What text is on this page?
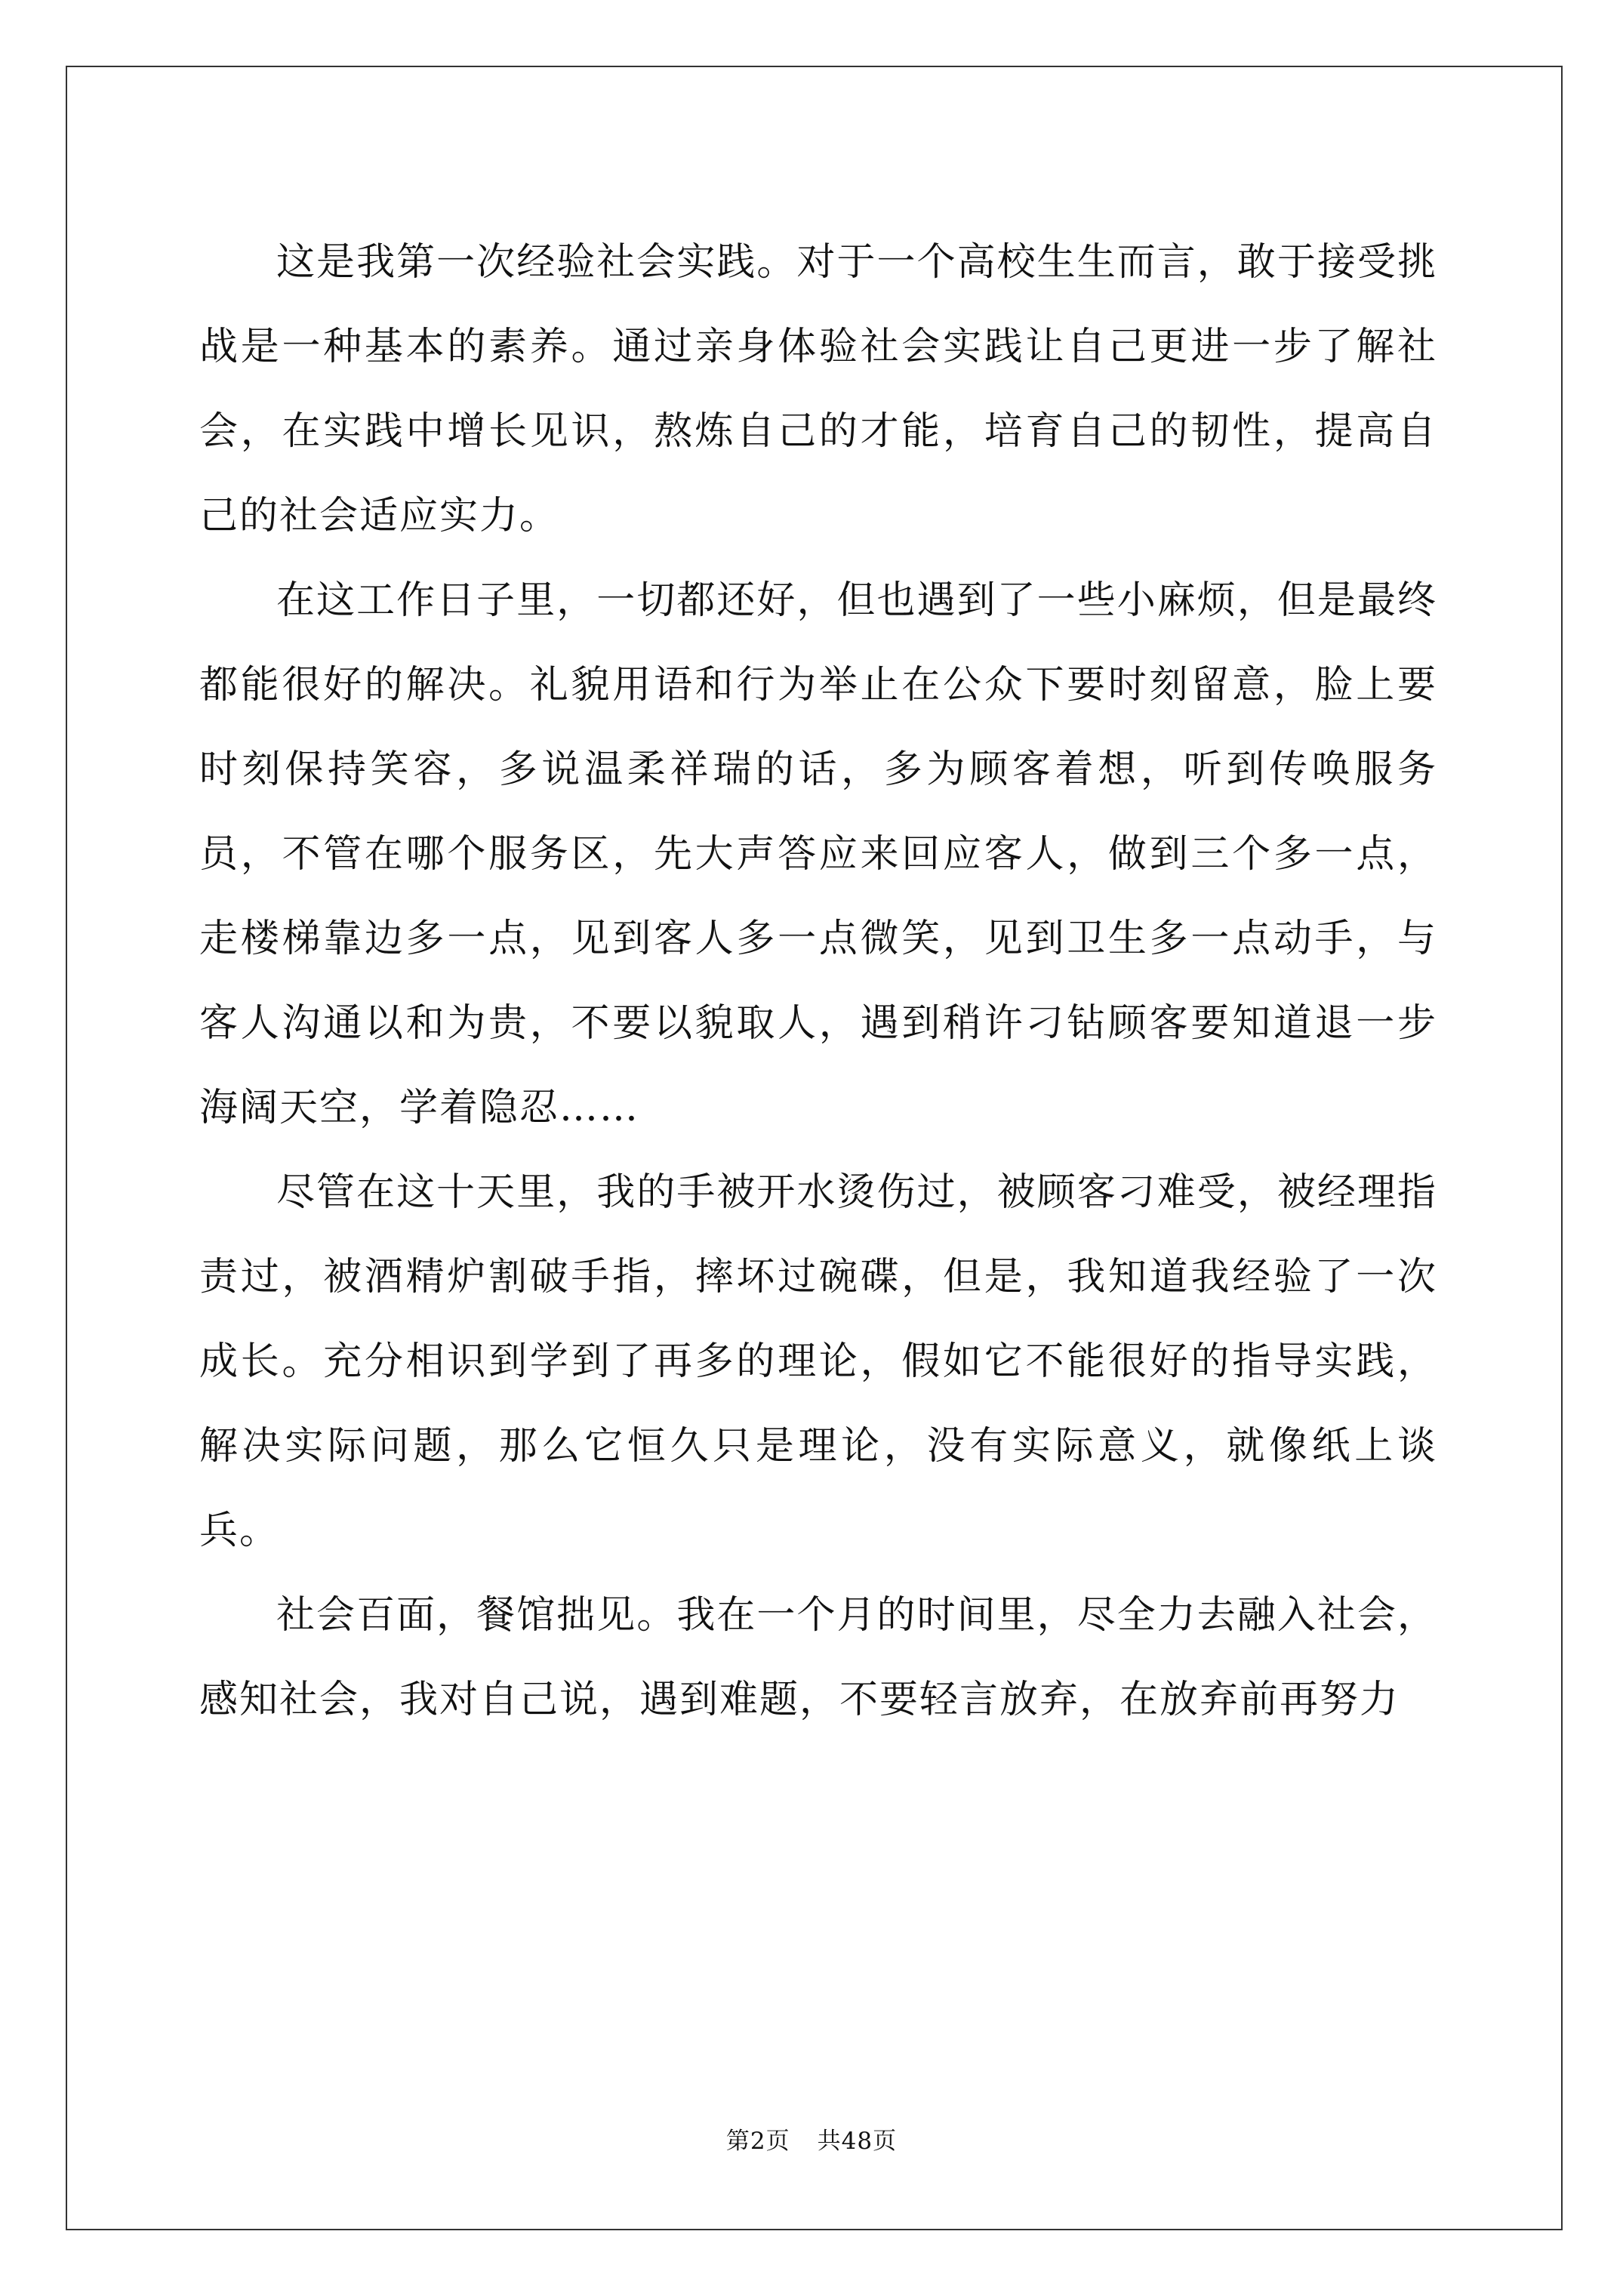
这是我第一次经验社会实践。对于一个高校生生而言，敢于接受挑战是一种基本的素养。通过亲身体验社会实践让自己更进一步了解社会，在实践中增长见识，熬炼自己的才能，培育自己的韧性，提高自己的社会适应实力。

在这工作日子里，一切都还好，但也遇到了一些小麻烦，但是最终都能很好的解决。礼貌用语和行为举止在公众下要时刻留意，脸上要时刻保持笑容，多说温柔祥瑞的话，多为顾客着想，听到传唤服务员，不管在哪个服务区，先大声答应来回应客人，做到三个多一点，走楼梯靠边多一点，见到客人多一点微笑，见到卫生多一点动手，与客人沟通以和为贵，不要以貌取人，遇到稍许刁钻顾客要知道退一步海阔天空，学着隐忍……

尽管在这十天里，我的手被开水烫伤过，被顾客刁难受，被经理指责过，被酒精炉割破手指，摔坏过碗碟，但是，我知道我经验了一次成长。充分相识到学到了再多的理论，假如它不能很好的指导实践，解决实际问题，那么它恒久只是理论，没有实际意义，就像纸上谈兵。

社会百面，餐馆拙见。我在一个月的时间里，尽全力去融入社会，感知社会，我对自己说，遇到难题，不要轻言放弃，在放弃前再努力

第2页 共48页
